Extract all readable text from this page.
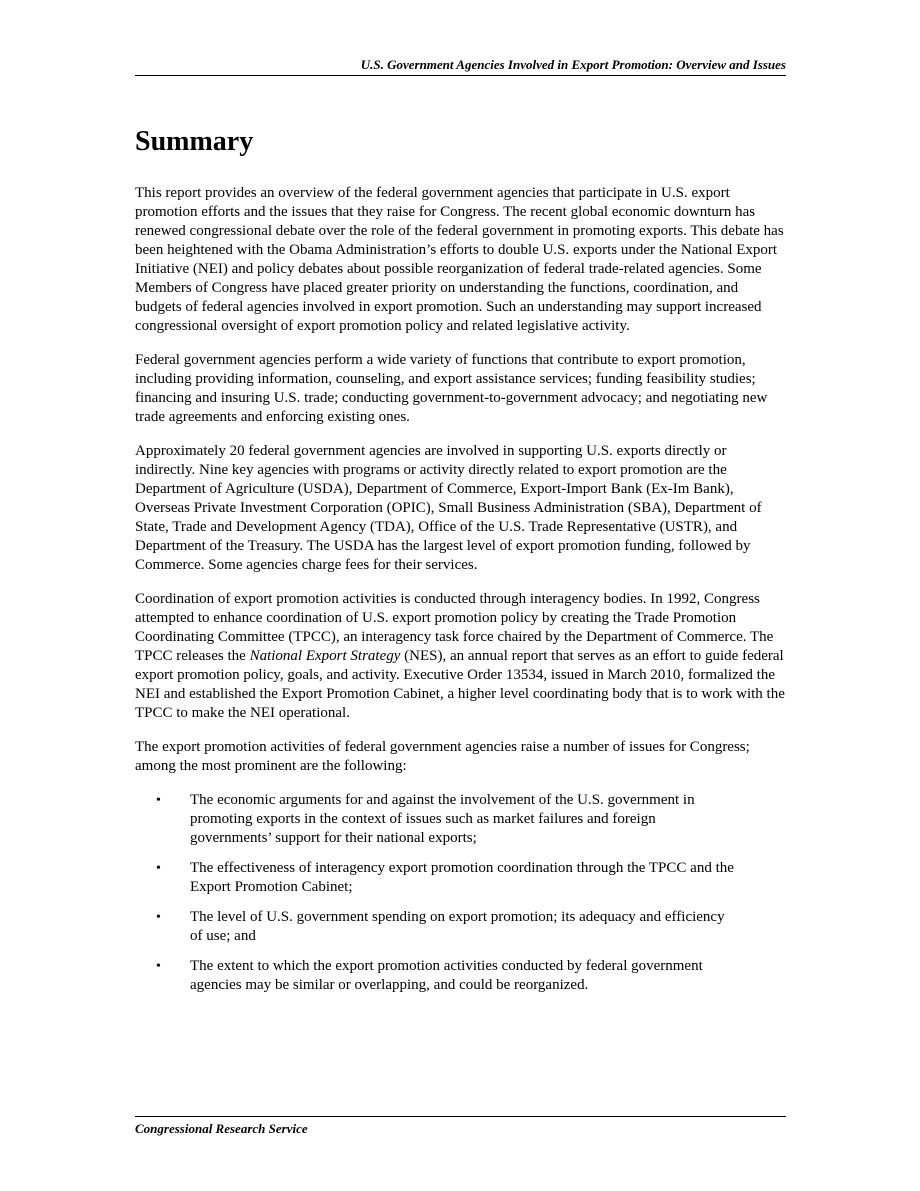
U.S. Government Agencies Involved in Export Promotion: Overview and Issues
Summary

This report provides an overview of the federal government agencies that participate in U.S. export promotion efforts and the issues that they raise for Congress. The recent global economic downturn has renewed congressional debate over the role of the federal government in promoting exports. This debate has been heightened with the Obama Administration’s efforts to double U.S. exports under the National Export Initiative (NEI) and policy debates about possible reorganization of federal trade-related agencies. Some Members of Congress have placed greater priority on understanding the functions, coordination, and budgets of federal agencies involved in export promotion. Such an understanding may support increased congressional oversight of export promotion policy and related legislative activity.

Federal government agencies perform a wide variety of functions that contribute to export promotion, including providing information, counseling, and export assistance services; funding feasibility studies; financing and insuring U.S. trade; conducting government-to-government advocacy; and negotiating new trade agreements and enforcing existing ones.

Approximately 20 federal government agencies are involved in supporting U.S. exports directly or indirectly. Nine key agencies with programs or activity directly related to export promotion are the Department of Agriculture (USDA), Department of Commerce, Export-Import Bank (Ex-Im Bank), Overseas Private Investment Corporation (OPIC), Small Business Administration (SBA), Department of State, Trade and Development Agency (TDA), Office of the U.S. Trade Representative (USTR), and Department of the Treasury. The USDA has the largest level of export promotion funding, followed by Commerce. Some agencies charge fees for their services.

Coordination of export promotion activities is conducted through interagency bodies. In 1992, Congress attempted to enhance coordination of U.S. export promotion policy by creating the Trade Promotion Coordinating Committee (TPCC), an interagency task force chaired by the Department of Commerce. The TPCC releases the National Export Strategy (NES), an annual report that serves as an effort to guide federal export promotion policy, goals, and activity. Executive Order 13534, issued in March 2010, formalized the NEI and established the Export Promotion Cabinet, a higher level coordinating body that is to work with the TPCC to make the NEI operational.

The export promotion activities of federal government agencies raise a number of issues for Congress; among the most prominent are the following:

• The economic arguments for and against the involvement of the U.S. government in promoting exports in the context of issues such as market failures and foreign governments’ support for their national exports;
• The effectiveness of interagency export promotion coordination through the TPCC and the Export Promotion Cabinet;
• The level of U.S. government spending on export promotion; its adequacy and efficiency of use; and
• The extent to which the export promotion activities conducted by federal government agencies may be similar or overlapping, and could be reorganized.
Congressional Research Service
